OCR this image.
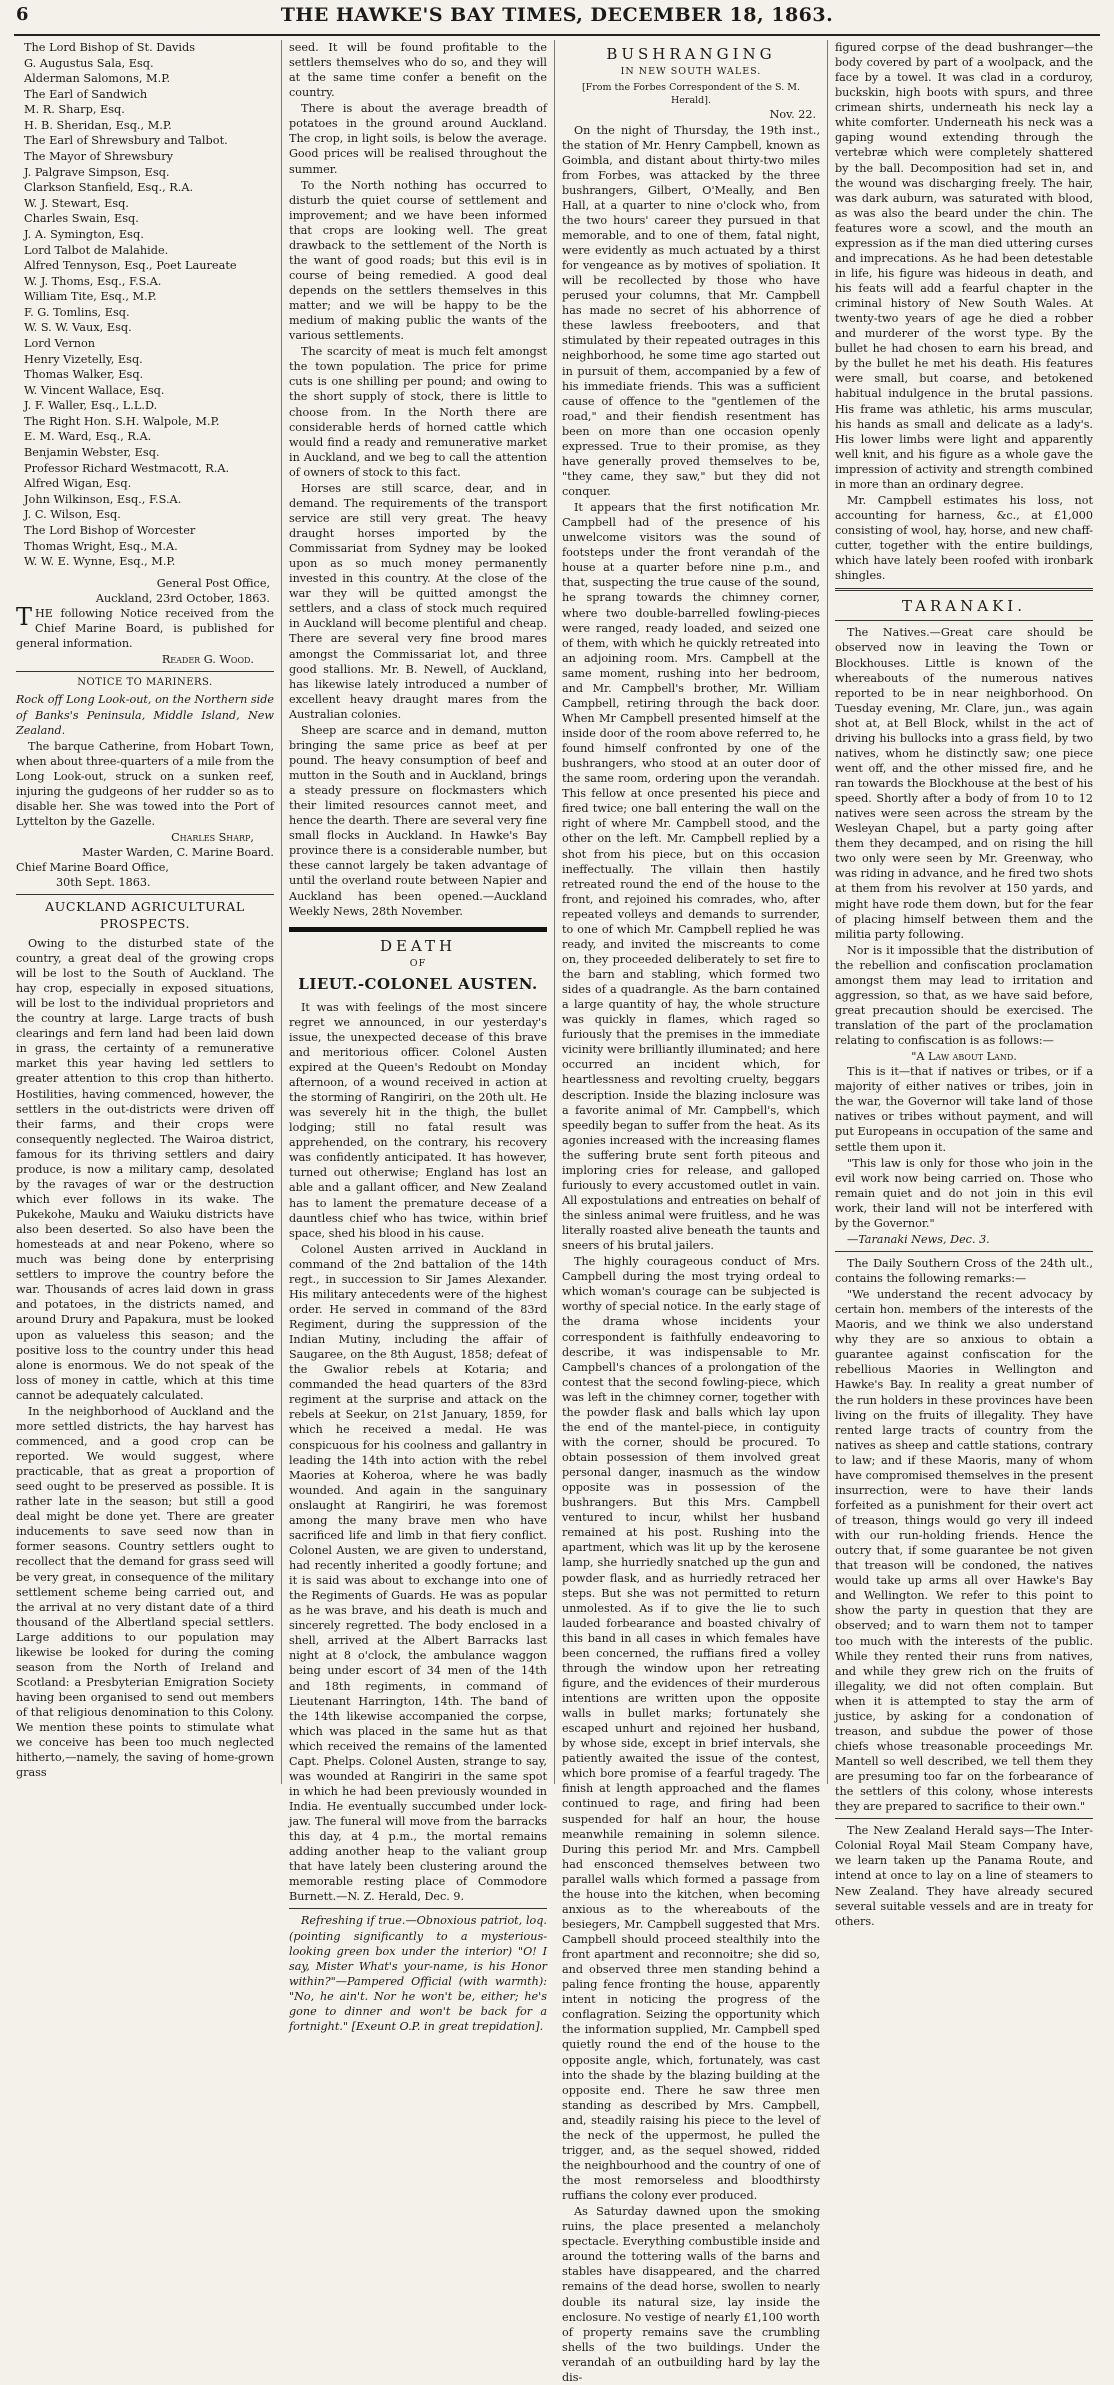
6	THE HAWKE'S BAY TIMES, DECEMBER 18, 1863.
The Lord Bishop of St. Davids
G. Augustus Sala, Esq.
Alderman Salomons, M.P.
The Earl of Sandwich
M. R. Sharp, Esq.
H. B. Sheridan, Esq., M.P.
The Earl of Shrewsbury and Talbot.
The Mayor of Shrewsbury
J. Palgrave Simpson, Esq.
Clarkson Stanfield, Esq., R.A.
W. J. Stewart, Esq.
Charles Swain, Esq.
J. A. Symington, Esq.
Lord Talbot de Malahide.
Alfred Tennyson, Esq., Poet Laureate
W. J. Thoms, Esq., F.S.A.
William Tite, Esq., M.P.
F. G. Tomlins, Esq.
W. S. W. Vaux, Esq.
Lord Vernon
Henry Vizetelly, Esq.
Thomas Walker, Esq.
W. Vincent Wallace, Esq.
J. F. Waller, Esq., L.L.D.
The Right Hon. S.H. Walpole, M.P.
E. M. Ward, Esq., R.A.
Benjamin Webster, Esq.
Professor Richard Westmacott, R.A.
Alfred Wigan, Esq.
John Wilkinson, Esq., F.S.A.
J. C. Wilson, Esq.
The Lord Bishop of Worcester
Thomas Wright, Esq., M.A.
W. W. E. Wynne, Esq., M.P.
General Post Office,
Auckland, 23rd October, 1863.

THE following Notice received from the Chief Marine Board, is published for general information.

Reader G. Wood.
NOTICE TO MARINERS.

Rock off Long Look-out, on the Northern side of Banks's Peninsula, Middle Island, New Zealand.

The barque Catherine, from Hobart Town, when about three-quarters of a mile from the Long Look-out, struck on a sunken reef, injuring the gudgeons of her rudder so as to disable her. She was towed into the Port of Lyttelton by the Gazelle.

Charles Sharp,
Master Warden, C. Marine Board.
Chief Marine Board Office,
30th Sept. 1863.
AUCKLAND AGRICULTURAL PROSPECTS.

Owing to the disturbed state of the country, a great deal of the growing crops will be lost to the South of Auckland. The hay crop, especially in exposed situations, will be lost to the individual proprietors and the country at large. Large tracts of bush clearings and fern land had been laid down in grass, the certainty of a remunerative market this year having led settlers to greater attention to this crop than hitherto. Hostilities, having commenced, however, the settlers in the out-districts were driven off their farms, and their crops were consequently neglected. The Wairoa district, famous for its thriving settlers and dairy produce, is now a military camp, desolated by the ravages of war or the destruction which ever follows in its wake. The Pukekohe, Mauku and Waiuku districts have also been deserted. So also have been the homesteads at and near Pokeno, where so much was being done by enterprising settlers to improve the country before the war. Thousands of acres laid down in grass and potatoes, in the districts named, and around Drury and Papakura, must be looked upon as valueless this season; and the positive loss to the country under this head alone is enormous. We do not speak of the loss of money in cattle, which at this time cannot be adequately calculated.

In the neighborhood of Auckland and the more settled districts, the hay harvest has commenced, and a good crop can be reported. We would suggest, where practicable, that as great a proportion of seed ought to be preserved as possible. It is rather late in the season; but still a good deal might be done yet. There are greater inducements to save seed now than in former seasons. Country settlers ought to recollect that the demand for grass seed will be very great, in consequence of the military settlement scheme being carried out, and the arrival at no very distant date of a third thousand of the Albertland special settlers. Large additions to our population may likewise be looked for during the coming season from the North of Ireland and Scotland: a Presbyterian Emigration Society having been organised to send out members of that religious denomination to this Colony. We mention these points to stimulate what we conceive has been too much neglected hitherto,—namely, the saving of home-grown grass

seed. It will be found profitable to the settlers themselves who do so, and they will at the same time confer a benefit on the country.

There is about the average breadth of potatoes in the ground around Auckland. The crop, in light soils, is below the average. Good prices will be realised throughout the summer.

To the North nothing has occurred to disturb the quiet course of settlement and improvement; and we have been informed that crops are looking well. The great drawback to the settlement of the North is the want of good roads; but this evil is in course of being remedied. A good deal depends on the settlers themselves in this matter; and we will be happy to be the medium of making public the wants of the various settlements.

The scarcity of meat is much felt amongst the town population. The price for prime cuts is one shilling per pound; and owing to the short supply of stock, there is little to choose from. In the North there are considerable herds of horned cattle which would find a ready and remunerative market in Auckland, and we beg to call the attention of owners of stock to this fact.

Horses are still scarce, dear, and in demand. The requirements of the transport service are still very great. The heavy draught horses imported by the Commissariat from Sydney may be looked upon as so much money permanently invested in this country. At the close of the war they will be quitted amongst the settlers, and a class of stock much required in Auckland will become plentiful and cheap. There are several very fine brood mares amongst the Commissariat lot, and three good stallions. Mr. B. Newell, of Auckland, has likewise lately introduced a number of excellent heavy draught mares from the Australian colonies.

Sheep are scarce and in demand, mutton bringing the same price as beef at per pound. The heavy consumption of beef and mutton in the South and in Auckland, brings a steady pressure on flockmasters which their limited resources cannot meet, and hence the dearth. There are several very fine small flocks in Auckland. In Hawke's Bay province there is a considerable number, but these cannot largely be taken advantage of until the overland route between Napier and Auckland has been opened.—Auckland Weekly News, 28th November.

DEATH
OF
LIEUT.-COLONEL AUSTEN.

It was with feelings of the most sincere regret we announced, in our yesterday's issue, the unexpected decease of this brave and meritorious officer. Colonel Austen expired at the Queen's Redoubt on Monday afternoon, of a wound received in action at the storming of Rangiriri, on the 20th ult. He was severely hit in the thigh, the bullet lodging; still no fatal result was apprehended, on the contrary, his recovery was confidently anticipated. It has however, turned out otherwise; England has lost an able and a gallant officer, and New Zealand has to lament the premature decease of a dauntless chief who has twice, within brief space, shed his blood in his cause.

Colonel Austen arrived in Auckland in command of the 2nd battalion of the 14th regt., in succession to Sir James Alexander. His military antecedents were of the highest order. He served in command of the 83rd Regiment, during the suppression of the Indian Mutiny, including the affair of Saugaree, on the 8th August, 1858; defeat of the Gwalior rebels at Kotaria; and commanded the head quarters of the 83rd regiment at the surprise and attack on the rebels at Seekur, on 21st January, 1859, for which he received a medal. He was conspicuous for his coolness and gallantry in leading the 14th into action with the rebel Maories at Koheroa, where he was badly wounded. And again in the sanguinary onslaught at Rangiriri, he was foremost among the many brave men who have sacrificed life and limb in that fiery conflict. Colonel Austen, we are given to understand, had recently inherited a goodly fortune; and it is said was about to exchange into one of the Regiments of Guards. He was as popular as he was brave, and his death is much and sincerely regretted. The body enclosed in a shell, arrived at the Albert Barracks last night at 8 o'clock, the ambulance waggon being under escort of 34 men of the 14th and 18th regiments, in command of Lieutenant Harrington, 14th. The band of the 14th likewise accompanied the corpse, which was placed in the same hut as that which received the remains of the lamented Capt. Phelps. Colonel Austen, strange to say, was wounded at Rangiriri in the same spot in which he had been previously wounded in India. He eventually succumbed under lock-jaw. The funeral will move from the barracks this day, at 4 p.m., the mortal remains adding another heap to the valiant group that have lately been clustering around the memorable resting place of Commodore Burnett.—N. Z. Herald, Dec. 9.

Refreshing if true.—Obnoxious patriot, loq. (pointing significantly to a mysterious-looking green box under the interior) "O! I say, Mister What's your-name, is his Honor within?"—Pampered Official (with warmth): "No, he ain't. Nor he won't be, either; he's gone to dinner and won't be back for a fortnight." [Exeunt O.P. in great trepidation].

BUSHRANGING
IN NEW SOUTH WALES.
[From the Forbes Correspondent of the S. M. Herald].
Nov. 22.

On the night of Thursday, the 19th inst., the station of Mr. Henry Campbell, known as Goimbla, and distant about thirty-two miles from Forbes, was attacked by the three bushrangers, Gilbert, O'Meally, and Ben Hall, at a quarter to nine o'clock who, from the two hours' career they pursued in that memorable, and to one of them, fatal night, were evidently as much actuated by a thirst for vengeance as by motives of spoliation. It will be recollected by those who have perused your columns, that Mr. Campbell has made no secret of his abhorrence of these lawless freebooters, and that stimulated by their repeated outrages in this neighborhood, he some time ago started out in pursuit of them, accompanied by a few of his immediate friends. This was a sufficient cause of offence to the "gentlemen of the road," and their fiendish resentment has been on more than one occasion openly expressed. True to their promise, as they have generally proved themselves to be, "they came, they saw," but they did not conquer.

It appears that the first notification Mr. Campbell had of the presence of his unwelcome visitors was the sound of footsteps under the front verandah of the house at a quarter before nine p.m., and that, suspecting the true cause of the sound, he sprang towards the chimney corner, where two double-barrelled fowling-pieces were ranged, ready loaded, and seized one of them, with which he quickly retreated into an adjoining room. Mrs. Campbell at the same moment, rushing into her bedroom, and Mr. Campbell's brother, Mr. William Campbell, retiring through the back door. When Mr Campbell presented himself at the inside door of the room above referred to, he found himself confronted by one of the bushrangers, who stood at an outer door of the same room, ordering upon the verandah. This fellow at once presented his piece and fired twice; one ball entering the wall on the right of where Mr. Campbell stood, and the other on the left. Mr. Campbell replied by a shot from his piece, but on this occasion ineffectually. The villain then hastily retreated round the end of the house to the front, and rejoined his comrades, who, after repeated volleys and demands to surrender, to one of which Mr. Campbell replied he was ready, and invited the miscreants to come on, they proceeded deliberately to set fire to the barn and stabling, which formed two sides of a quadrangle. As the barn contained a large quantity of hay, the whole structure was quickly in flames, which raged so furiously that the premises in the immediate vicinity were brilliantly illuminated; and here occurred an incident which, for heartlessness and revolting cruelty, beggars description. Inside the blazing inclosure was a favorite animal of Mr. Campbell's, which speedily began to suffer from the heat. As its agonies increased with the increasing flames the suffering brute sent forth piteous and imploring cries for release, and galloped furiously to every accustomed outlet in vain. All expostulations and entreaties on behalf of the sinless animal were fruitless, and he was literally roasted alive beneath the taunts and sneers of his brutal jailers.

The highly courageous conduct of Mrs. Campbell during the most trying ordeal to which woman's courage can be subjected is worthy of special notice. In the early stage of the drama whose incidents your correspondent is faithfully endeavoring to describe, it was indispensable to Mr. Campbell's chances of a prolongation of the contest that the second fowling-piece, which was left in the chimney corner, together with the powder flask and balls which lay upon the end of the mantel-piece, in contiguity with the corner, should be procured. To obtain possession of them involved great personal danger, inasmuch as the window opposite was in possession of the bushrangers. But this Mrs. Campbell ventured to incur, whilst her husband remained at his post. Rushing into the apartment, which was lit up by the kerosene lamp, she hurriedly snatched up the gun and powder flask, and as hurriedly retraced her steps. But she was not permitted to return unmolested. As if to give the lie to such lauded forbearance and boasted chivalry of this band in all cases in which females have been concerned, the ruffians fired a volley through the window upon her retreating figure, and the evidences of their murderous intentions are written upon the opposite walls in bullet marks; fortunately she escaped unhurt and rejoined her husband, by whose side, except in brief intervals, she patiently awaited the issue of the contest, which bore promise of a fearful tragedy. The finish at length approached and the flames continued to rage, and firing had been suspended for half an hour, the house meanwhile remaining in solemn silence. During this period Mr. and Mrs. Campbell had ensconced themselves between two parallel walls which formed a passage from the house into the kitchen, when becoming anxious as to the whereabouts of the besiegers, Mr. Campbell suggested that Mrs. Campbell should proceed stealthily into the front apartment and reconnoitre; she did so, and observed three men standing behind a paling fence fronting the house, apparently intent in noticing the progress of the conflagration. Seizing the opportunity which the information supplied, Mr. Campbell sped quietly round the end of the house to the opposite angle, which, fortunately, was cast into the shade by the blazing building at the opposite end. There he saw three men standing as described by Mrs. Campbell, and, steadily raising his piece to the level of the neck of the uppermost, he pulled the trigger, and, as the sequel showed, ridded the neighbourhood and the country of one of the most remorseless and bloodthirsty ruffians the colony ever produced.

As Saturday dawned upon the smoking ruins, the place presented a melancholy spectacle. Everything combustible inside and around the tottering walls of the barns and stables have disappeared, and the charred remains of the dead horse, swollen to nearly double its natural size, lay inside the enclosure. No vestige of nearly £1,100 worth of property remains save the crumbling shells of the two buildings. Under the verandah of an outbuilding hard by lay the dis-

figured corpse of the dead bushranger—the body covered by part of a woolpack, and the face by a towel. It was clad in a corduroy, buckskin, high boots with spurs, and three crimean shirts, underneath his neck lay a white comforter. Underneath his neck was a gaping wound extending through the vertebræ which were completely shattered by the ball. Decomposition had set in, and the wound was discharging freely. The hair, was dark auburn, was saturated with blood, as was also the beard under the chin. The features wore a scowl, and the mouth an expression as if the man died uttering curses and imprecations. As he had been detestable in life, his figure was hideous in death, and his feats will add a fearful chapter in the criminal history of New South Wales. At twenty-two years of age he died a robber and murderer of the worst type. By the bullet he had chosen to earn his bread, and by the bullet he met his death. His features were small, but coarse, and betokened habitual indulgence in the brutal passions. His frame was athletic, his arms muscular, his hands as small and delicate as a lady's. His lower limbs were light and apparently well knit, and his figure as a whole gave the impression of activity and strength combined in more than an ordinary degree.

Mr. Campbell estimates his loss, not accounting for harness, &c., at £1,000 consisting of wool, hay, horse, and new chaff-cutter, together with the entire buildings, which have lately been roofed with ironbark shingles.

TARANAKI.

The Natives.—Great care should be observed now in leaving the Town or Blockhouses. Little is known of the whereabouts of the numerous natives reported to be in near neighborhood. On Tuesday evening, Mr. Clare, jun., was again shot at, at Bell Block, whilst in the act of driving his bullocks into a grass field, by two natives, whom he distinctly saw; one piece went off, and the other missed fire, and he ran towards the Blockhouse at the best of his speed. Shortly after a body of from 10 to 12 natives were seen across the stream by the Wesleyan Chapel, but a party going after them they decamped, and on rising the hill two only were seen by Mr. Greenway, who was riding in advance, and he fired two shots at them from his revolver at 150 yards, and might have rode them down, but for the fear of placing himself between them and the militia party following.

Nor is it impossible that the distribution of the rebellion and confiscation proclamation amongst them may lead to irritation and aggression, so that, as we have said before, great precaution should be exercised. The translation of the part of the proclamation relating to confiscation is as follows:—

"A Law about Land.

This is it—that if natives or tribes, or if a majority of either natives or tribes, join in the war, the Governor will take land of those natives or tribes without payment, and will put Europeans in occupation of the same and settle them upon it.

"This law is only for those who join in the evil work now being carried on. Those who remain quiet and do not join in this evil work, their land will not be interfered with by the Governor."

—Taranaki News, Dec. 3.

The Daily Southern Cross of the 24th ult., contains the following remarks:—

"We understand the recent advocacy by certain hon. members of the interests of the Maoris, and we think we also understand why they are so anxious to obtain a guarantee against confiscation for the rebellious Maories in Wellington and Hawke's Bay. In reality a great number of the run holders in these provinces have been living on the fruits of illegality. They have rented large tracts of country from the natives as sheep and cattle stations, contrary to law; and if these Maoris, many of whom have compromised themselves in the present insurrection, were to have their lands forfeited as a punishment for their overt act of treason, things would go very ill indeed with our run-holding friends. Hence the outcry that, if some guarantee be not given that treason will be condoned, the natives would take up arms all over Hawke's Bay and Wellington. We refer to this point to show the party in question that they are observed; and to warn them not to tamper too much with the interests of the public. While they rented their runs from natives, and while they grew rich on the fruits of illegality, we did not often complain. But when it is attempted to stay the arm of justice, by asking for a condonation of treason, and subdue the power of those chiefs whose treasonable proceedings Mr. Mantell so well described, we tell them they are presuming too far on the forbearance of the settlers of this colony, whose interests they are prepared to sacrifice to their own."

The New Zealand Herald says—The Inter-Colonial Royal Mail Steam Company have, we learn taken up the Panama Route, and intend at once to lay on a line of steamers to New Zealand. They have already secured several suitable vessels and are in treaty for others.
